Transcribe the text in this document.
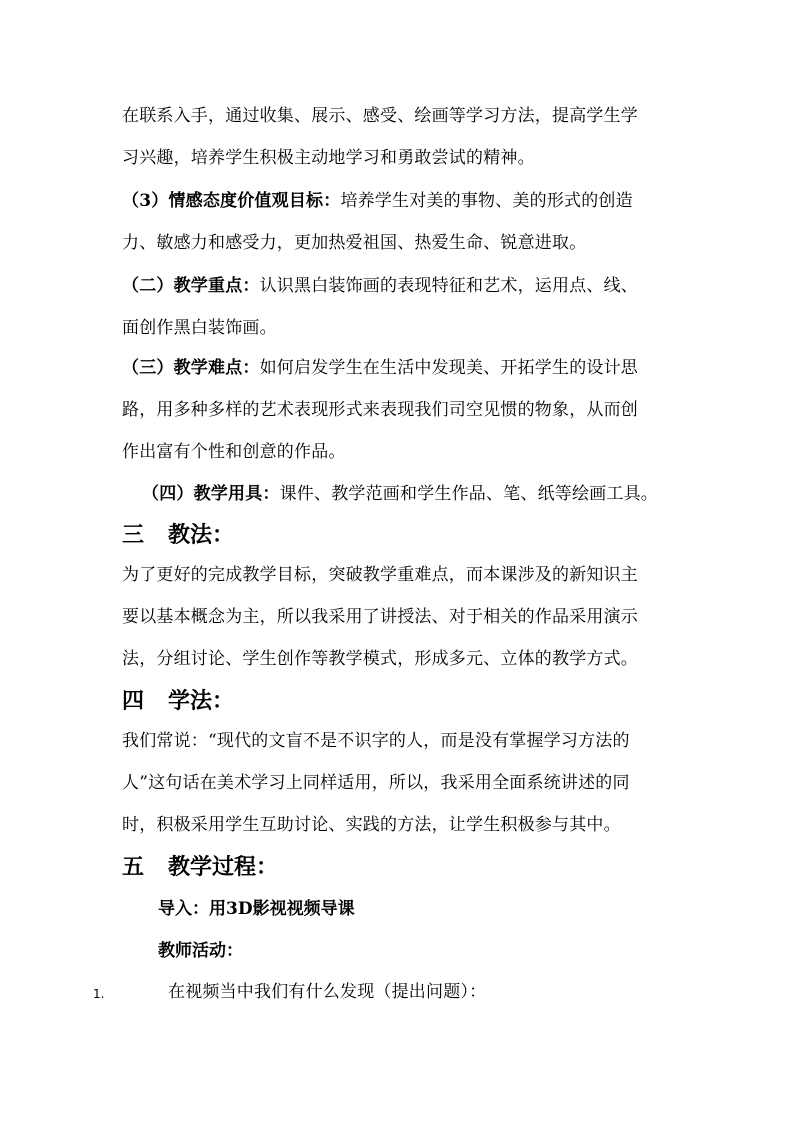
在联系入手，通过收集、展示、感受、绘画等学习方法，提高学生学
习兴趣，培养学生积极主动地学习和勇敢尝试的精神。
（3）情感态度价值观目标：培养学生对美的事物、美的形式的创造
力、敏感力和感受力，更加热爱祖国、热爱生命、锐意进取。
（二）教学重点：认识黑白装饰画的表现特征和艺术，运用点、线、
面创作黑白装饰画。
（三）教学难点：如何启发学生在生活中发现美、开拓学生的设计思
路，用多种多样的艺术表现形式来表现我们司空见惯的物象，从而创
作出富有个性和创意的作品。
（四）教学用具：课件、教学范画和学生作品、笔、纸等绘画工具。
三 教法：
为了更好的完成教学目标，突破教学重难点，而本课涉及的新知识主
要以基本概念为主，所以我采用了讲授法、对于相关的作品采用演示
法，分组讨论、学生创作等教学模式，形成多元、立体的教学方式。
四 学法：
我们常说：“现代的文盲不是不识字的人，而是没有掌握学习方法的
人”这句话在美术学习上同样适用，所以，我采用全面系统讲述的同
时，积极采用学生互助讨论、实践的方法，让学生积极参与其中。
五 教学过程：
导入：用3D影视视频导课
教师活动：
1.	在视频当中我们有什么发现（提出问题）：
